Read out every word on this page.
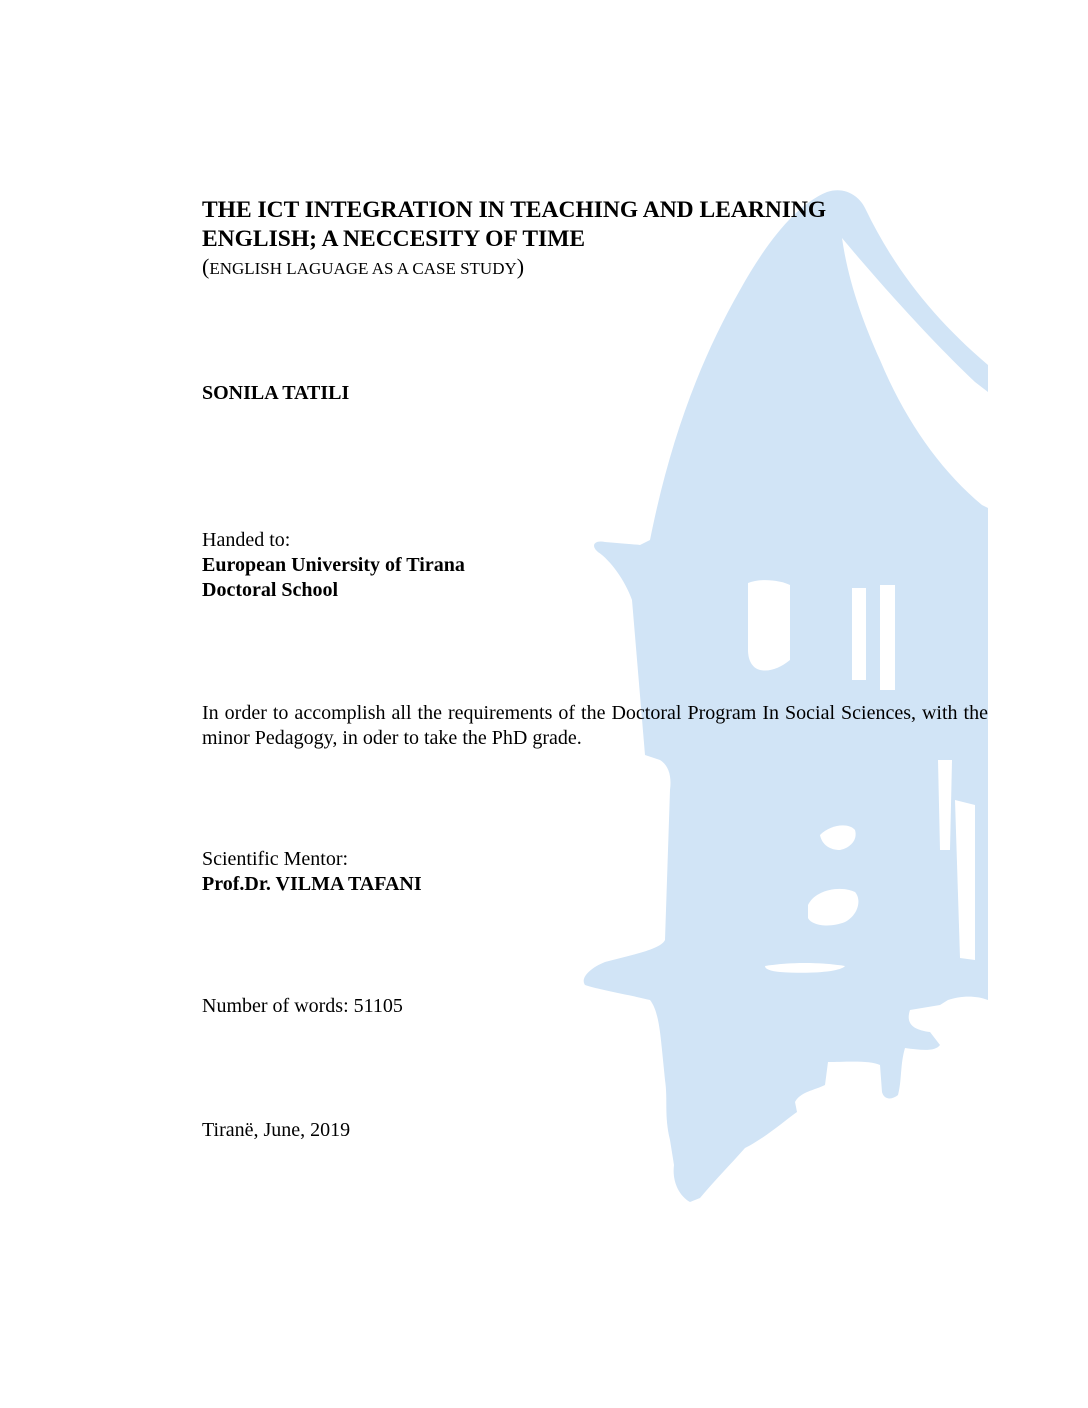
THE ICT INTEGRATION IN TEACHING AND LEARNING
ENGLISH; A NECCESITY OF TIME
(ENGLISH LAGUAGE AS A CASE STUDY)
SONILA TATILI
Handed to:
European University of Tirana
Doctoral School
In order to accomplish all the requirements of the Doctoral Program In Social Sciences, with the minor Pedagogy, in oder to take the PhD grade.
Scientific Mentor:
Prof.Dr. VILMA TAFANI
Number of words: 51105
Tiranë, June, 2019
